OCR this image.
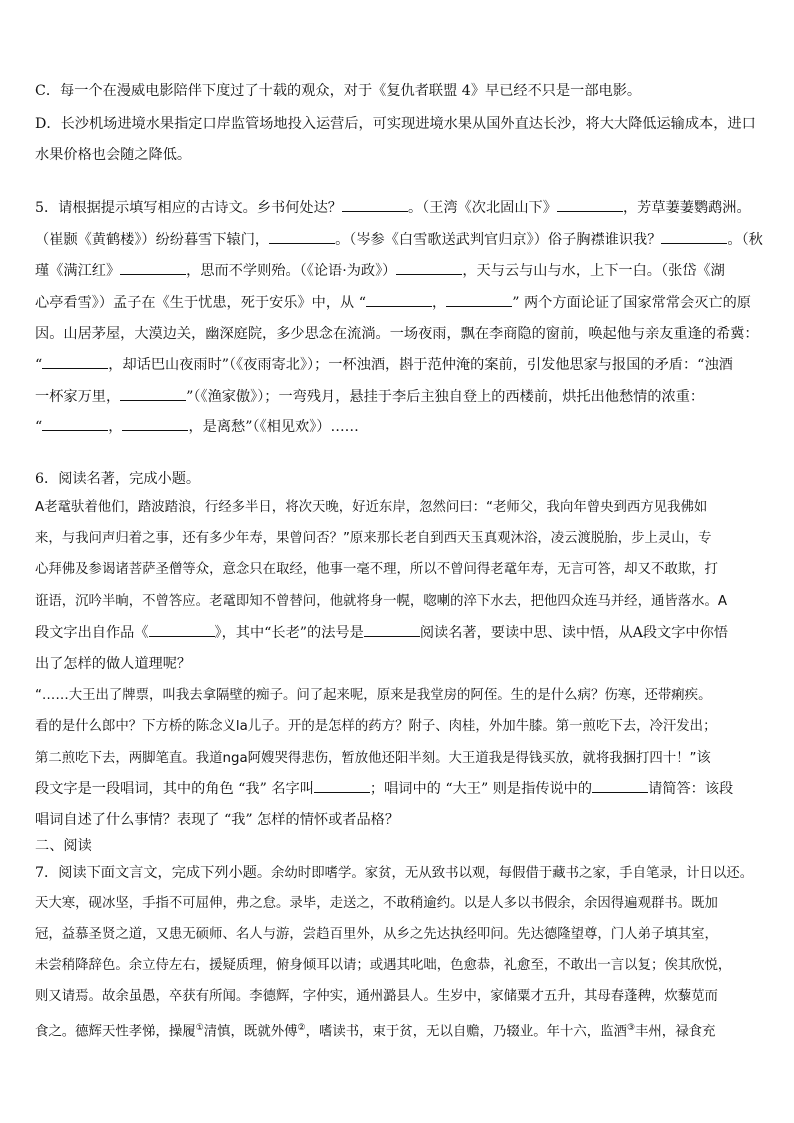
C．每一个在漫威电影陪伴下度过了十载的观众，对于《复仇者联盟 4》早已经不只是一部电影。
D．长沙机场进境水果指定口岸监管场地投入运营后，可实现进境水果从国外直达长沙，将大大降低运输成本，进口
水果价格也会随之降低。
5．请根据提示填写相应的古诗文。乡书何处达？	。（王湾《次北固山下》	，芳草萋萋鹦鹉洲。
（崔颢《黄鹤楼》）纷纷暮雪下辕门，	。（岑参《白雪歌送武判官归京》）俗子胸襟谁识我？	。（秋
瑾《满江红》	，思而不学则殆。（《论语·为政》）	，天与云与山与水，上下一白。（张岱《湖
心亭看雪》）孟子在《生于忧患，死于安乐》中，从 “	，	” 两个方面论证了国家常常会灭亡的原
因。山居茅屋，大漠边关，幽深庭院，多少思念在流淌。一场夜雨，飘在李商隐的窗前，唤起他与亲友重逢的希冀：
“	，却话巴山夜雨时”（《夜雨寄北》）；一杯浊酒，斟于范仲淹的案前，引发他思家与报国的矛盾：“浊酒
一杯家万里，	”（《渔家傲》）；一弯残月，悬挂于李后主独自登上的西楼前，烘托出他愁情的浓重：
“	，	，是离愁”（《相见欢》）……
6．阅读名著，完成小题。
A老鼋驮着他们，踏波踏浪，行经多半日，将次天晚，好近东岸，忽然问曰：“老师父，我向年曾央到西方见我佛如
来，与我问声归着之事，还有多少年寿，果曾问否？”原来那长老自到西天玉真观沐浴，凌云渡脱胎，步上灵山，专
心拜佛及参谒诸菩萨圣僧等众，意念只在取经，他事一毫不理，所以不曾问得老鼋年寿，无言可答，却又不敢欺，打
诳语，沉吟半晌，不曾答应。老鼋即知不曾替问，他就将身一幌，唿喇的淬下水去，把他四众连马并经，通皆落水。A
段文字出自作品《	》，其中“长老”的法号是	阅读名著，要读中思、读中悟，从A段文字中你悟
出了怎样的做人道理呢？
“……大王出了牌票，叫我去拿隔壁的痴子。问了起来呢，原来是我堂房的阿侄。生的是什么病？伤寒，还带痢疾。
看的是什么郎中？下方桥的陈念义la儿子。开的是怎样的药方？附子、肉桂，外加牛膝。第一煎吃下去，冷汗发出；
第二煎吃下去，两脚笔直。我道nga阿嫂哭得悲伤，暂放他还阳半刻。大王道我是得钱买放，就将我捆打四十！”该
段文字是一段唱词，其中的角色 “我” 名字叫	；唱词中的 “大王” 则是指传说中的	请简答：该段
唱词自述了什么事情？表现了 “我” 怎样的情怀或者品格？
二、阅读
7．阅读下面文言文，完成下列小题。余幼时即嗜学。家贫，无从致书以观，每假借于藏书之家，手自笔录，计日以还。
天大寒，砚冰坚，手指不可屈伸，弗之怠。录毕，走送之，不敢稍逾约。以是人多以书假余，余因得遍观群书。既加
冠，益慕圣贤之道，又患无硕师、名人与游，尝趋百里外，从乡之先达执经叩问。先达德隆望尊，门人弟子填其室，
未尝稍降辞色。余立侍左右，援疑质理，俯身倾耳以请；或遇其叱咄，色愈恭，礼愈至，不敢出一言以复；俟其欣悦，
则又请焉。故余虽愚，卒获有所闻。李德辉，字仲实，通州潞县人。生岁中，家储粟才五升，其母春蓬稗，炊藜苋而
食之。德辉天性孝悌，操履①清慎，既就外傅②，嗜读书，束于贫，无以自赡，乃辍业。年十六，监酒③丰州，禄食充
